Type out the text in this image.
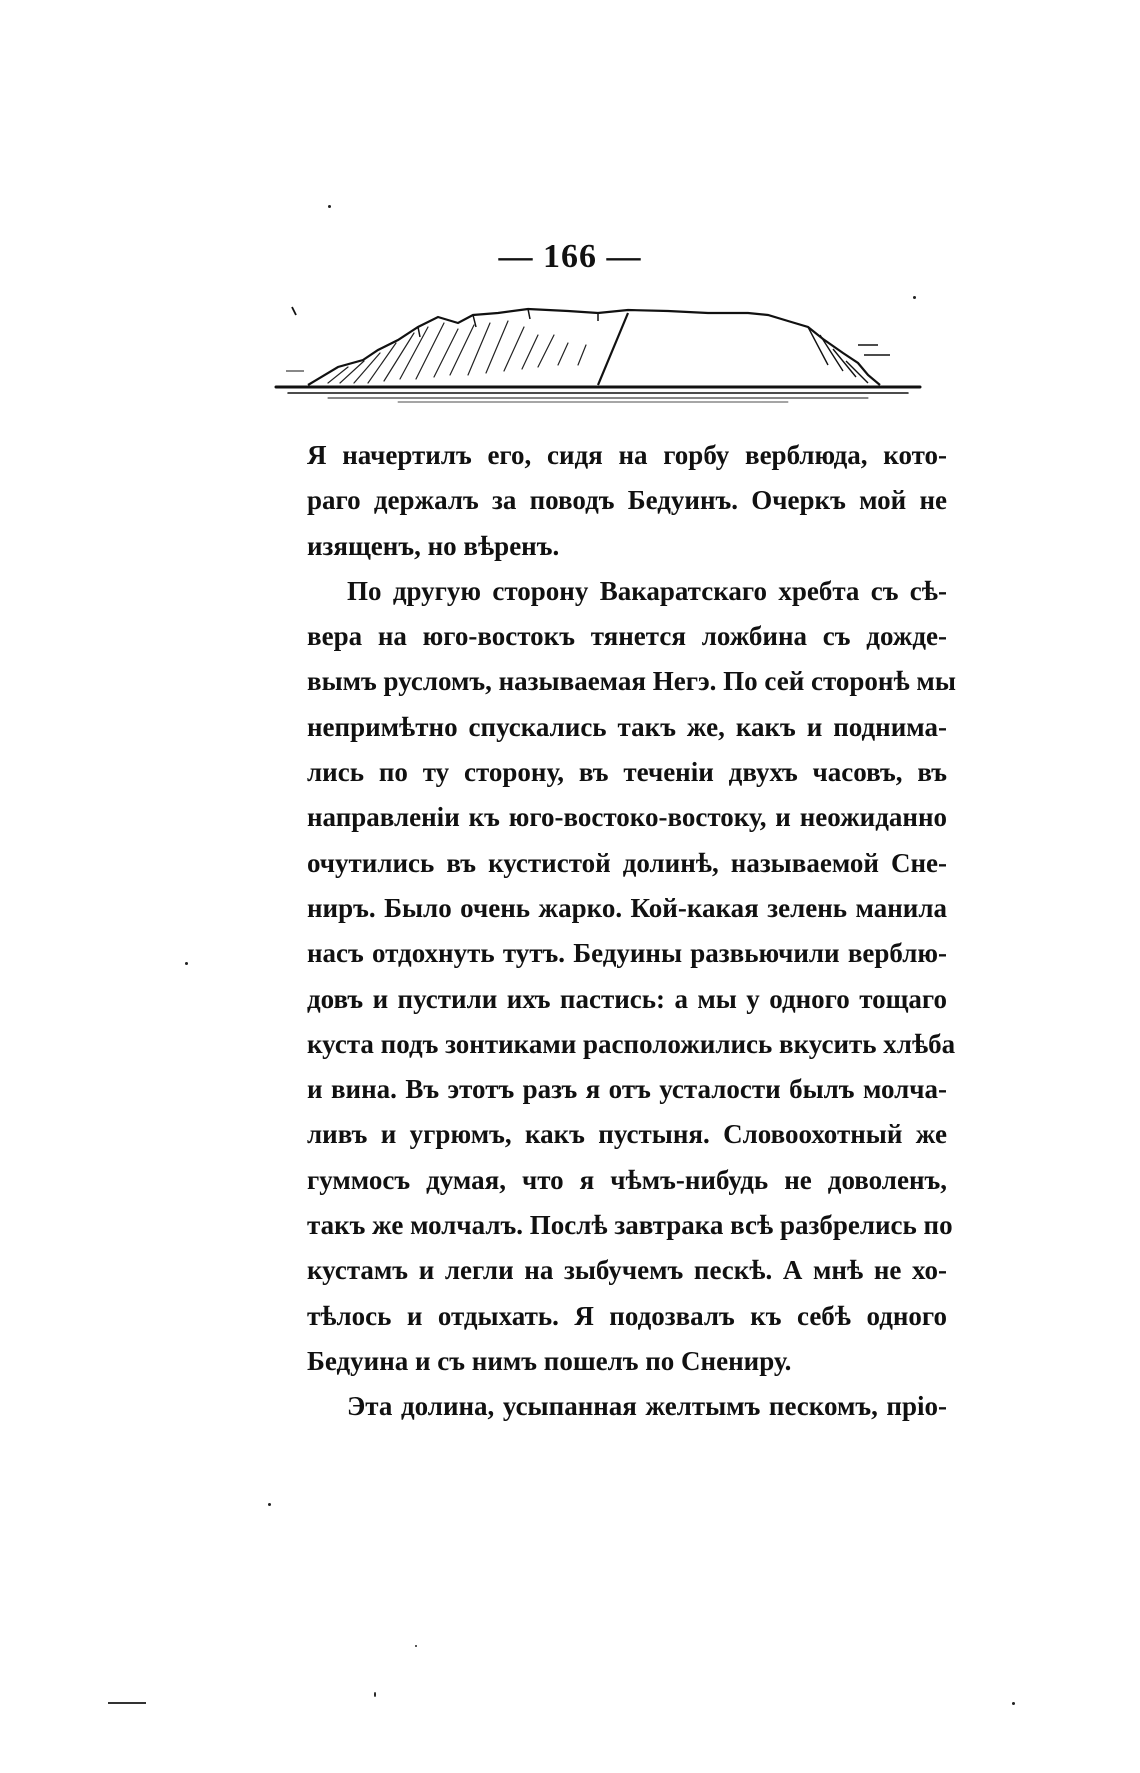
— 166 —
Я начертилъ его, сидя на горбу верблюда, кото-
раго держалъ за поводъ Бедуинъ. Очеркъ мой не
изященъ, но вѣренъ.
По другую сторону Вакаратскаго хребта съ сѣ-
вера на юго-востокъ тянется ложбина съ дожде-
вымъ русломъ, называемая Негэ. По сей сторонѣ мы
непримѣтно спускались такъ же, какъ и поднима-
лись по ту сторону, въ теченіи двухъ часовъ, въ
направленіи къ юго-востоко-востоку, и неожиданно
очутились въ кустистой долинѣ, называемой Сне-
ниръ. Было очень жарко. Кой-какая зелень манила
насъ отдохнуть тутъ. Бедуины развьючили верблю-
довъ и пустили ихъ пастись: а мы у одного тощаго
куста подъ зонтиками расположились вкусить хлѣба
и вина. Въ этотъ разъ я отъ усталости былъ молча-
ливъ и угрюмъ, какъ пустыня. Словоохотный же
гуммосъ думая, что я чѣмъ-нибудь не доволенъ,
такъ же молчалъ. Послѣ завтрака всѣ разбрелись по
кустамъ и легли на зыбучемъ пескѣ. А мнѣ не хо-
тѣлось и отдыхать. Я подозвалъ къ себѣ одного
Бедуина и съ нимъ пошелъ по Снениру.
Эта долина, усыпанная желтымъ пескомъ, пріо-
